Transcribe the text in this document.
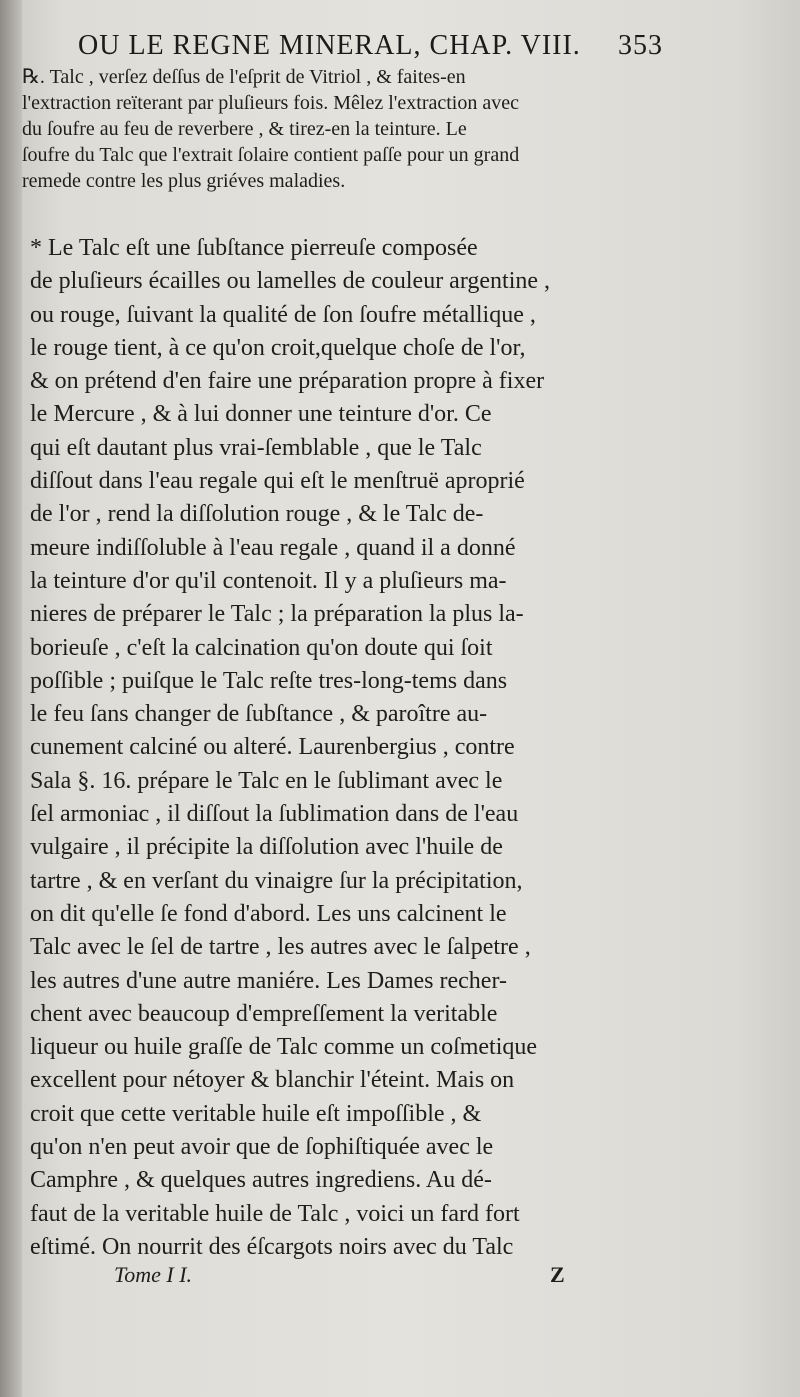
OU LE REGNE MINERAL, CHAP. VIII. 353
℞. Talc , verſez deſſus de l'eſprit de Vitriol , & faites-en
l'extraction reïterant par pluſieurs fois. Mêlez l'extraction avec
du ſoufre au feu de reverbere , & tirez-en la teinture. Le
ſoufre du Talc que l'extrait ſolaire contient paſſe pour un grand
remede contre les plus griéves maladies.
* Le Talc eſt une ſubſtance pierreuſe composée
de pluſieurs écailles ou lamelles de couleur argentine ,
ou rouge, ſuivant la qualité de ſon ſoufre métallique ,
le rouge tient, à ce qu'on croit,quelque choſe de l'or,
& on prétend d'en faire une préparation propre à fixer
le Mercure , & à lui donner une teinture d'or. Ce
qui eſt dautant plus vrai-ſemblable , que le Talc
diſſout dans l'eau regale qui eſt le menſtruë aproprié
de l'or , rend la diſſolution rouge , & le Talc de-
meure indiſſoluble à l'eau regale , quand il a donné
la teinture d'or qu'il contenoit. Il y a pluſieurs ma-
nieres de préparer le Talc ; la préparation la plus la-
borieuſe , c'eſt la calcination qu'on doute qui ſoit
poſſible ; puiſque le Talc reſte tres-long-tems dans
le feu ſans changer de ſubſtance , & paroître au-
cunement calciné ou alteré. Laurenbergius , contre
Sala §. 16. prépare le Talc en le ſublimant avec le
ſel armoniac , il diſſout la ſublimation dans de l'eau
vulgaire , il précipite la diſſolution avec l'huile de
tartre , & en verſant du vinaigre ſur la précipitation,
on dit qu'elle ſe fond d'abord. Les uns calcinent le
Talc avec le ſel de tartre , les autres avec le ſalpetre ,
les autres d'une autre maniére. Les Dames recher-
chent avec beaucoup d'empreſſement la veritable
liqueur ou huile graſſe de Talc comme un coſmetique
excellent pour nétoyer & blanchir l'éteint. Mais on
croit que cette veritable huile eſt impoſſible , &
qu'on n'en peut avoir que de ſophiſtiquée avec le
Camphre , & quelques autres ingrediens. Au dé-
faut de la veritable huile de Talc , voici un fard fort
eſtimé. On nourrit des éſcargots noirs avec du Talc
Tome I I.	Z
